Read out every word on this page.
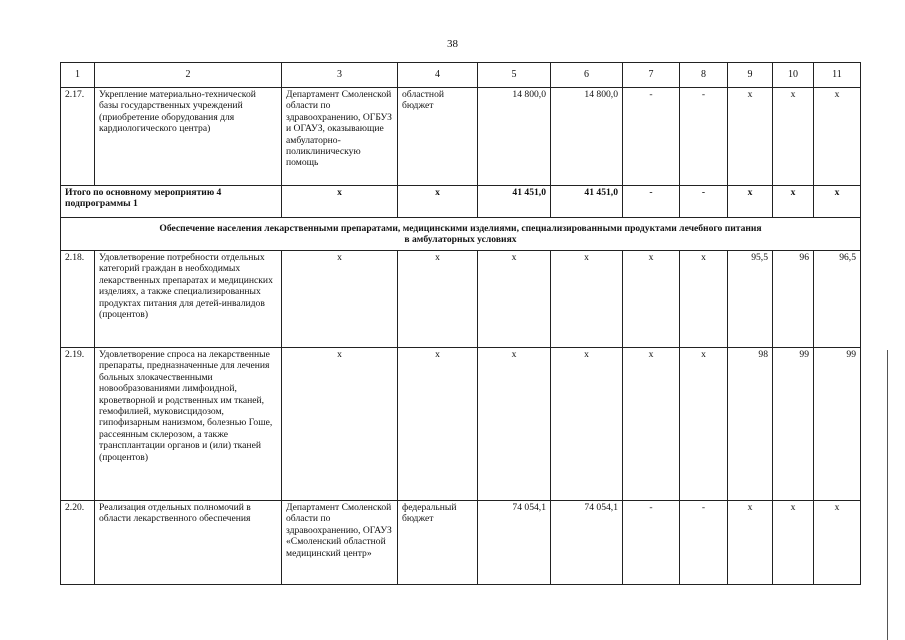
38
1	2	3	4	5	6	7	8	9	10	11
2.17.	Укрепление материально-технической базы государственных учреждений (приобретение оборудования для кардиологического центра)	Департамент Смоленской области по здравоохранению, ОГБУЗ и ОГАУЗ, оказывающие амбулаторно-поликлиническую помощь	областной бюджет	14 800,0	14 800,0	-	-	x	x	x
Итого по основному мероприятию 4 подпрограммы 1		x	x	41 451,0	41 451,0	-	-	x	x	x

Обеспечение населения лекарственными препаратами, медицинскими изделиями, специализированными продуктами лечебного питания
в амбулаторных условиях										

2.18.	Удовлетворение потребности отдельных категорий граждан в необходимых лекарственных препаратах и медицинских изделиях, а также специализированных продуктах питания для детей-инвалидов (процентов)	x	x	x	x	x	x	95,5	96	96,5
2.19.	Удовлетворение спроса на лекарственные препараты, предназначенные для лечения больных злокачественными новообразованиями лимфоидной, кроветворной и родственных им тканей, гемофилией, муковисцидозом, гипофизарным нанизмом, болезнью Гоше, рассеянным склерозом, а также трансплантации органов и (или) тканей (процентов)	x	x	x	x	x	x	98	99	99
2.20.	Реализация отдельных полномочий в области лекарственного обеспечения	Департамент Смоленской области по здравоохранению, ОГАУЗ «Смоленский областной медицинский центр»	федеральный бюджет	74 054,1	74 054,1	-	-	x	x	x
